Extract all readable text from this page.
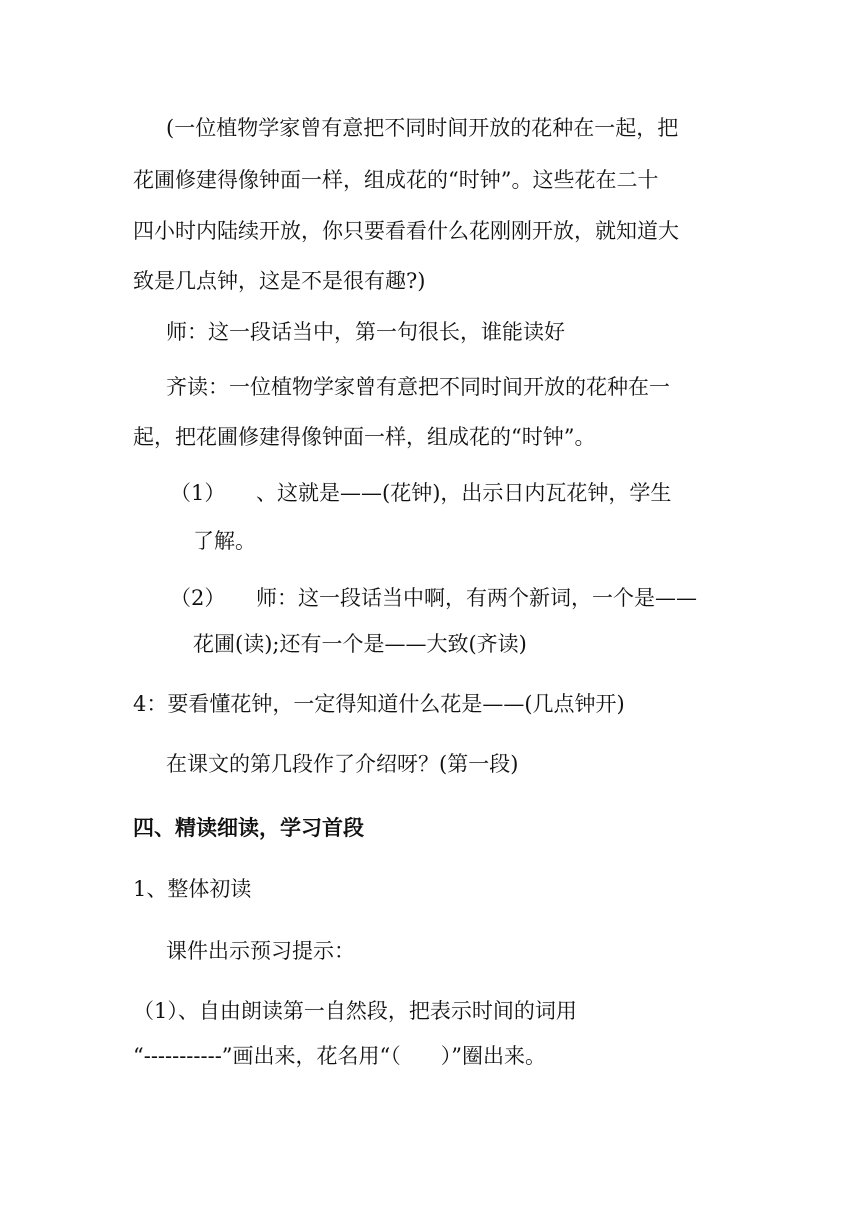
(一位植物学家曾有意把不同时间开放的花种在一起，把
花圃修建得像钟面一样，组成花的“时钟”。这些花在二十
四小时内陆续开放，你只要看看什么花刚刚开放，就知道大
致是几点钟，这是不是很有趣?)
师：这一段话当中，第一句很长，谁能读好
齐读：一位植物学家曾有意把不同时间开放的花种在一
起，把花圃修建得像钟面一样，组成花的“时钟”。
（1） 、这就是——(花钟)，出示日内瓦花钟，学生
了解。
（2） 师：这一段话当中啊，有两个新词，一个是——
花圃(读);还有一个是——大致(齐读)
4：要看懂花钟，一定得知道什么花是——(几点钟开)
在课文的第几段作了介绍呀？(第一段)
四、精读细读，学习首段
1、整体初读
课件出示预习提示：
（1）、自由朗读第一自然段，把表示时间的词用
“-----------”画出来，花名用“（      ）”圈出来。
